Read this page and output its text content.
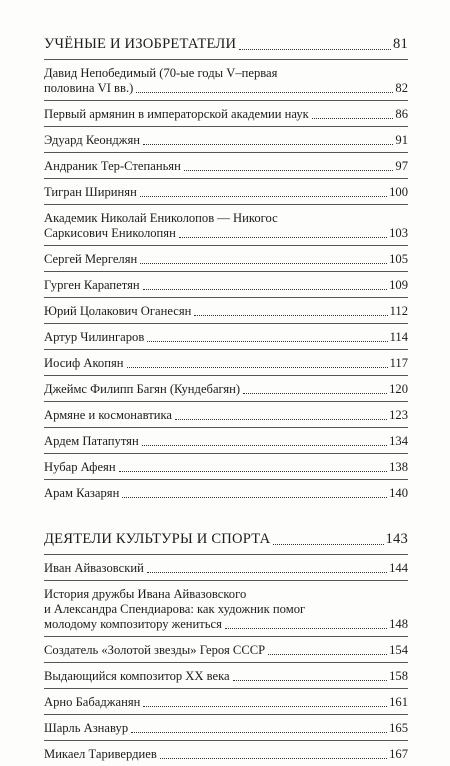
УЧЁНЫЕ И ИЗОБРЕТАТЕЛИ	81
Давид Непобедимый (70-ые годы V–первая
половина VI вв.)	82
Первый армянин в императорской академии наук	86
Эдуард Кеонджян	91
Андраник Тер-Степаньян	97
Тигран Ширинян	100
Академик Николай Ениколопов — Никогос
Саркисович Ениколопян	103
Сергей Мергелян	105
Гурген Карапетян	109
Юрий Цолакович Оганесян	112
Артур Чилингаров	114
Иосиф Акопян	117
Джеймс Филипп Багян (Кундебагян)	120
Армяне и космонавтика	123
Ардем Патапутян	134
Нубар Афеян	138
Арам Казарян	140
ДЕЯТЕЛИ КУЛЬТУРЫ И СПОРТА	143
Иван Айвазовский	144
История дружбы Ивана Айвазовского
и Александра Спендиарова: как художник помог
молодому композитору жениться	148
Создатель «Золотой звезды» Героя СССР	154
Выдающийся композитор XX века	158
Арно Бабаджанян	161
Шарль Азнавур	165
Микаел Таривердиев	167
